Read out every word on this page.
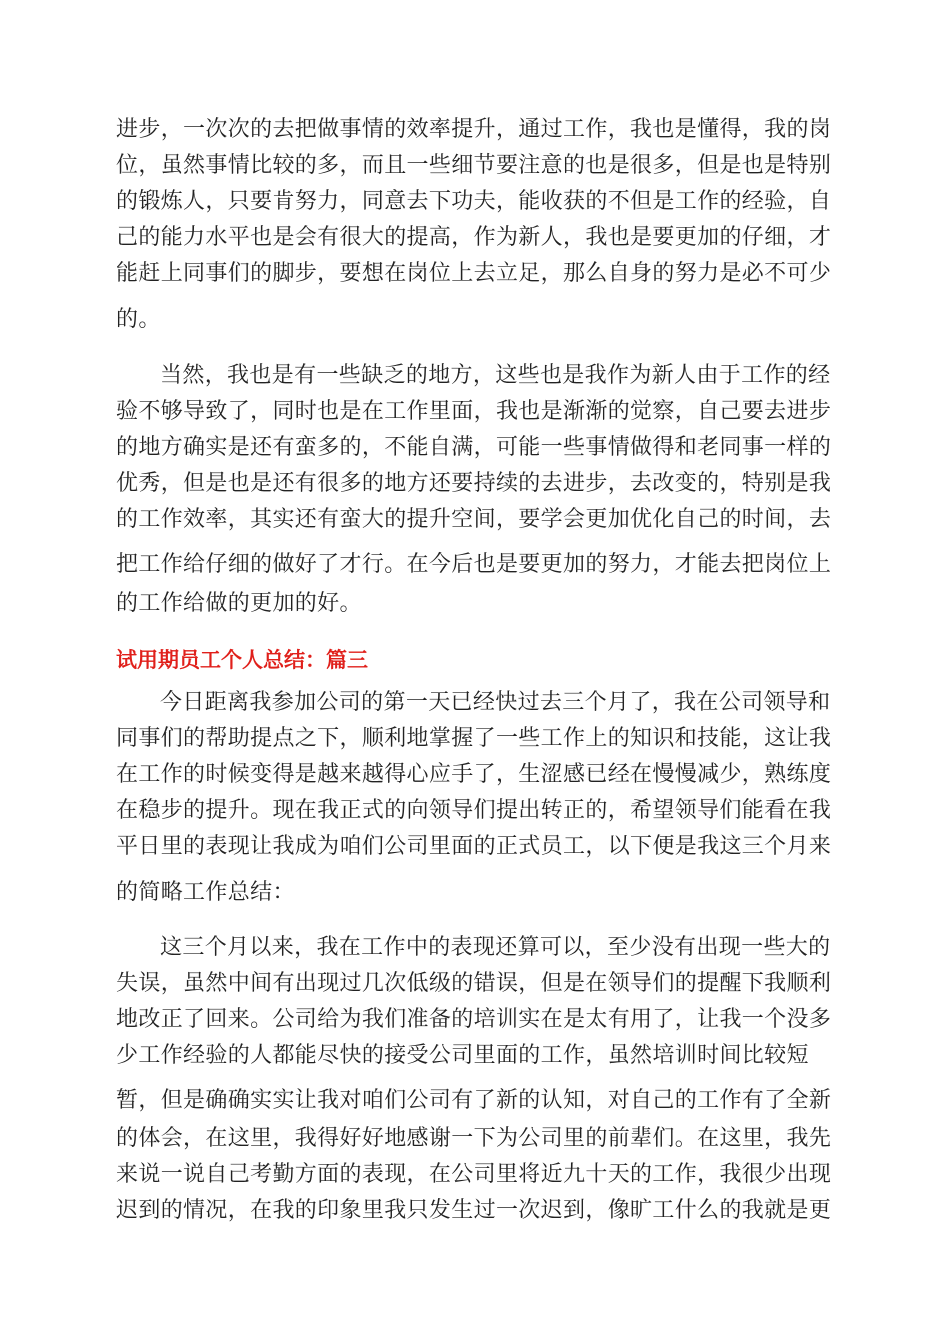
进步，一次次的去把做事情的效率提升，通过工作，我也是懂得，我的岗
位，虽然事情比较的多，而且一些细节要注意的也是很多，但是也是特别
的锻炼人，只要肯努力，同意去下功夫，能收获的不但是工作的经验，自
己的能力水平也是会有很大的提高，作为新人，我也是要更加的仔细，才
能赶上同事们的脚步，要想在岗位上去立足，那么自身的努力是必不可少
的。
当然，我也是有一些缺乏的地方，这些也是我作为新人由于工作的经
验不够导致了，同时也是在工作里面，我也是渐渐的觉察，自己要去进步
的地方确实是还有蛮多的，不能自满，可能一些事情做得和老同事一样的
优秀，但是也是还有很多的地方还要持续的去进步，去改变的，特别是我
的工作效率，其实还有蛮大的提升空间，要学会更加优化自己的时间，去
把工作给仔细的做好了才行。在今后也是要更加的努力，才能去把岗位上
的工作给做的更加的好。
试用期员工个人总结：篇三
今日距离我参加公司的第一天已经快过去三个月了，我在公司领导和
同事们的帮助提点之下，顺利地掌握了一些工作上的知识和技能，这让我
在工作的时候变得是越来越得心应手了，生涩感已经在慢慢减少，熟练度
在稳步的提升。现在我正式的向领导们提出转正的，希望领导们能看在我
平日里的表现让我成为咱们公司里面的正式员工，以下便是我这三个月来
的简略工作总结：
这三个月以来，我在工作中的表现还算可以，至少没有出现一些大的
失误，虽然中间有出现过几次低级的错误，但是在领导们的提醒下我顺利
地改正了回来。公司给为我们准备的培训实在是太有用了，让我一个没多
少工作经验的人都能尽快的接受公司里面的工作，虽然培训时间比较短
暂，但是确确实实让我对咱们公司有了新的认知，对自己的工作有了全新
的体会，在这里，我得好好地感谢一下为公司里的前辈们。在这里，我先
来说一说自己考勤方面的表现，在公司里将近九十天的工作，我很少出现
迟到的情况，在我的印象里我只发生过一次迟到，像旷工什么的我就是更
